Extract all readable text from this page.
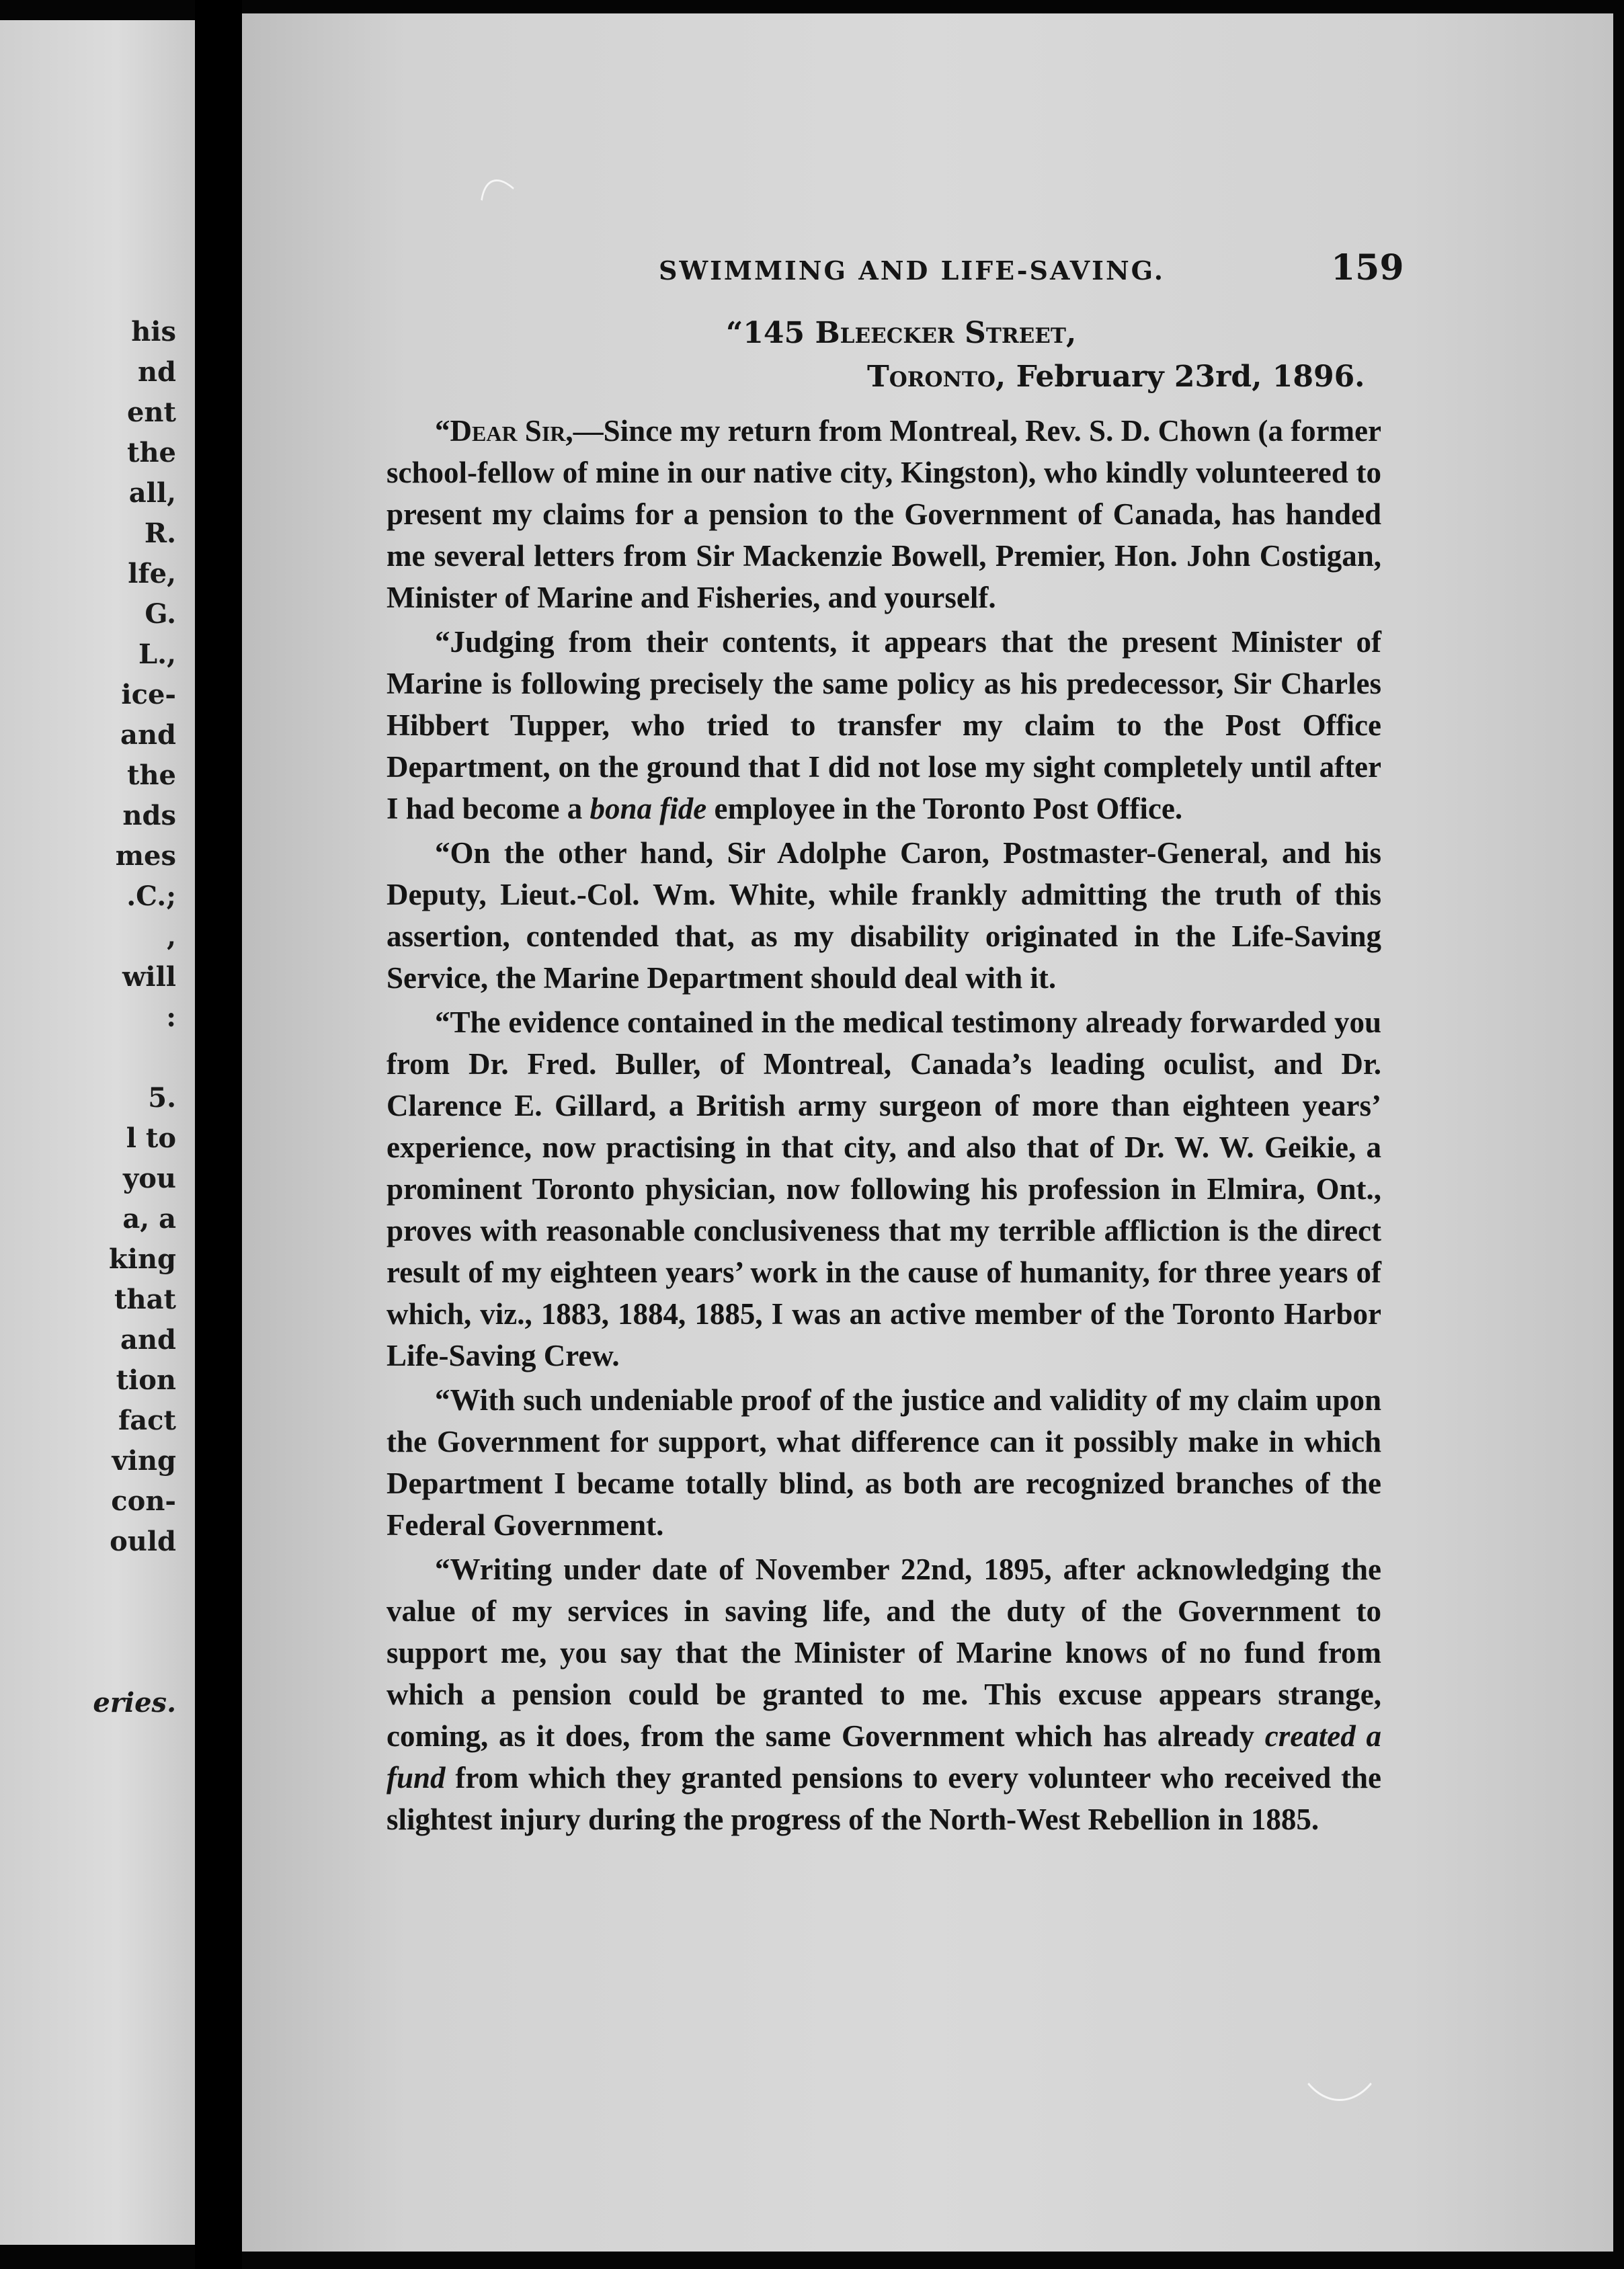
his
nd
ent
the
all,
R.
lfe,
G.
L.,
ice-
and
the
nds
mes
.C.;
,
will
:
5.
l to
you
a, a
king
that
and
tion
fact
ving
con-
ould
eries.
SWIMMING AND LIFE-SAVING.	159
“145 Bleecker Street,
Toronto, February 23rd, 1896.

“Dear Sir,—Since my return from Montreal, Rev. S. D. Chown (a former school-fellow of mine in our native city, Kingston), who kindly volunteered to present my claims for a pension to the Government of Canada, has handed me several letters from Sir Mackenzie Bowell, Premier, Hon. John Costigan, Minister of Marine and Fisheries, and yourself.

“Judging from their contents, it appears that the present Minister of Marine is following precisely the same policy as his predecessor, Sir Charles Hibbert Tupper, who tried to transfer my claim to the Post Office Department, on the ground that I did not lose my sight completely until after I had become a bona fide employee in the Toronto Post Office.

“On the other hand, Sir Adolphe Caron, Postmaster-General, and his Deputy, Lieut.-Col. Wm. White, while frankly admitting the truth of this assertion, contended that, as my disability originated in the Life-Saving Service, the Marine Department should deal with it.

“The evidence contained in the medical testimony already forwarded you from Dr. Fred. Buller, of Montreal, Canada’s leading oculist, and Dr. Clarence E. Gillard, a British army surgeon of more than eighteen years’ experience, now practising in that city, and also that of Dr. W. W. Geikie, a prominent Toronto physician, now following his profession in Elmira, Ont., proves with reasonable conclusiveness that my terrible affliction is the direct result of my eighteen years’ work in the cause of humanity, for three years of which, viz., 1883, 1884, 1885, I was an active member of the Toronto Harbor Life-Saving Crew.

“With such undeniable proof of the justice and validity of my claim upon the Government for support, what difference can it possibly make in which Department I became totally blind, as both are recognized branches of the Federal Government.

“Writing under date of November 22nd, 1895, after acknowledging the value of my services in saving life, and the duty of the Government to support me, you say that the Minister of Marine knows of no fund from which a pension could be granted to me. This excuse appears strange, coming, as it does, from the same Government which has already created a fund from which they granted pensions to every volunteer who received the slightest injury during the progress of the North-West Rebellion in 1885.
